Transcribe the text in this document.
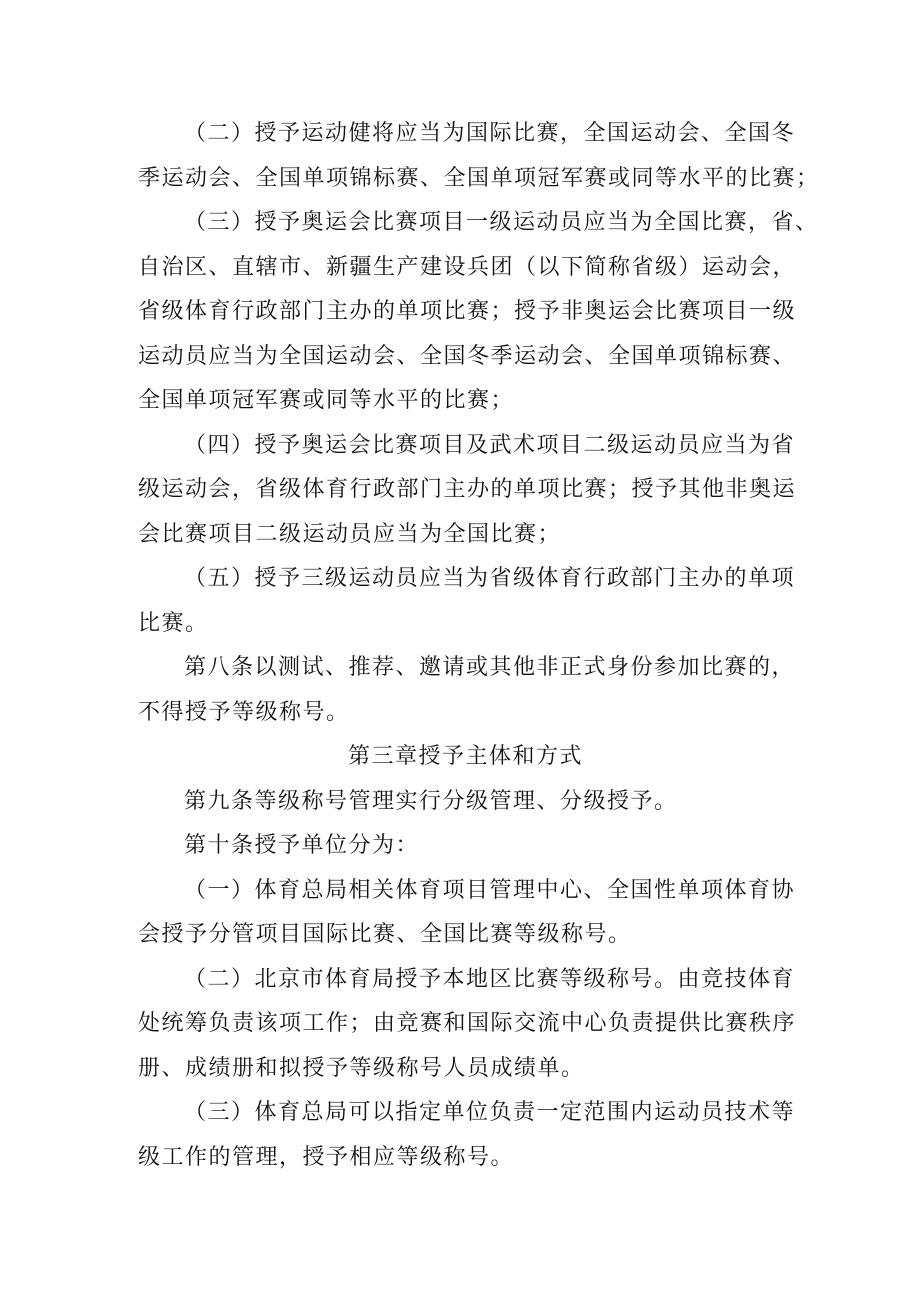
（二）授予运动健将应当为国际比赛，全国运动会、全国冬
季运动会、全国单项锦标赛、全国单项冠军赛或同等水平的比赛；
（三）授予奥运会比赛项目一级运动员应当为全国比赛，省、
自治区、直辖市、新疆生产建设兵团（以下简称省级）运动会，
省级体育行政部门主办的单项比赛；授予非奥运会比赛项目一级
运动员应当为全国运动会、全国冬季运动会、全国单项锦标赛、
全国单项冠军赛或同等水平的比赛；
（四）授予奥运会比赛项目及武术项目二级运动员应当为省
级运动会，省级体育行政部门主办的单项比赛；授予其他非奥运
会比赛项目二级运动员应当为全国比赛；
（五）授予三级运动员应当为省级体育行政部门主办的单项
比赛。
第八条以测试、推荐、邀请或其他非正式身份参加比赛的，
不得授予等级称号。
第三章授予主体和方式
第九条等级称号管理实行分级管理、分级授予。
第十条授予单位分为：
（一）体育总局相关体育项目管理中心、全国性单项体育协
会授予分管项目国际比赛、全国比赛等级称号。
（二）北京市体育局授予本地区比赛等级称号。由竞技体育
处统筹负责该项工作；由竞赛和国际交流中心负责提供比赛秩序
册、成绩册和拟授予等级称号人员成绩单。
（三）体育总局可以指定单位负责一定范围内运动员技术等
级工作的管理，授予相应等级称号。
